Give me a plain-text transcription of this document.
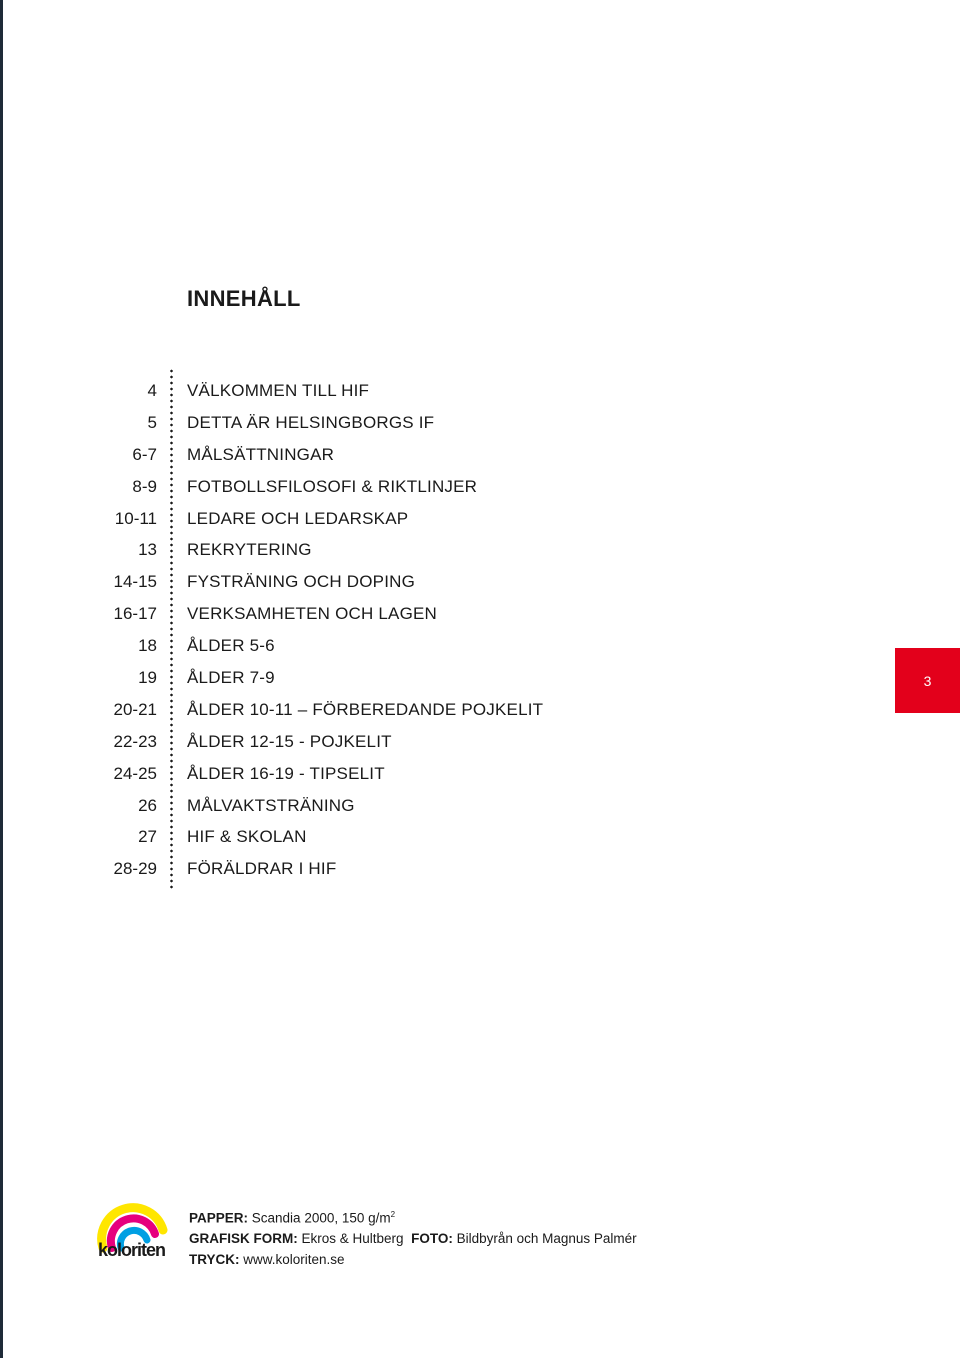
INNEHÅLL
4 VÄLKOMMEN TILL HIF
5 DETTA ÄR HELSINGBORGS IF
6-7 MÅLSÄTTNINGAR
8-9 FOTBOLLSFILOSOFI & RIKTLINJER
10-11 LEDARE OCH LEDARSKAP
13 REKRYTERING
14-15 FYSTRÄNING OCH DOPING
16-17 VERKSAMHETEN OCH LAGEN
18 ÅLDER 5-6
19 ÅLDER 7-9
20-21 ÅLDER 10-11 – FÖRBEREDANDE POJKELIT
22-23 ÅLDER 12-15 - POJKELIT
24-25 ÅLDER 16-19 - TIPSELIT
26 MÅLVAKTSTRÄNING
27 HIF & SKOLAN
28-29 FÖRÄLDRAR I HIF
3
koloriten
PAPPER: Scandia 2000, 150 $g/m^2$
GRAFISK FORM: Ekros & Hultberg FOTO: Bildbyrån och Magnus Palmér
TRYCK: www.koloriten.se
